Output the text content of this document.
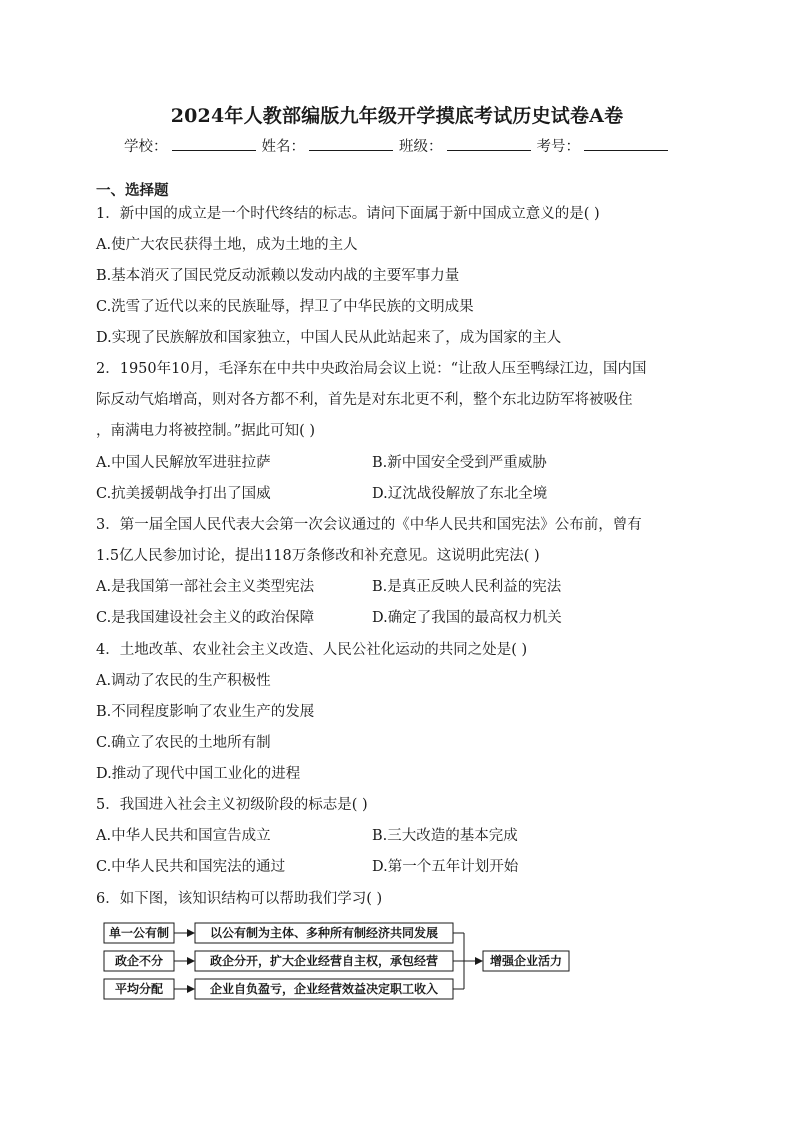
2024年人教部编版九年级开学摸底考试历史试卷A卷
学校：	姓名：	班级：	考号：
一、选择题
1．新中国的成立是一个时代终结的标志。请问下面属于新中国成立意义的是( )
A.使广大农民获得土地，成为土地的主人
B.基本消灭了国民党反动派赖以发动内战的主要军事力量
C.洗雪了近代以来的民族耻辱，捍卫了中华民族的文明成果
D.实现了民族解放和国家独立，中国人民从此站起来了，成为国家的主人
2．1950年10月，毛泽东在中共中央政治局会议上说：“让敌人压至鸭绿江边，国内国
际反动气焰增高，则对各方都不利，首先是对东北更不利，整个东北边防军将被吸住
，南满电力将被控制。”据此可知( )
A.中国人民解放军进驻拉萨	B.新中国安全受到严重威胁
C.抗美援朝战争打出了国威	D.辽沈战役解放了东北全境
3．第一届全国人民代表大会第一次会议通过的《中华人民共和国宪法》公布前，曾有
1.5亿人民参加讨论，提出118万条修改和补充意见。这说明此宪法( )
A.是我国第一部社会主义类型宪法	B.是真正反映人民利益的宪法
C.是我国建设社会主义的政治保障	D.确定了我国的最高权力机关
4．土地改革、农业社会主义改造、人民公社化运动的共同之处是( )
A.调动了农民的生产积极性
B.不同程度影响了农业生产的发展
C.确立了农民的土地所有制
D.推动了现代中国工业化的进程
5．我国进入社会主义初级阶段的标志是( )
A.中华人民共和国宣告成立	B.三大改造的基本完成
C.中华人民共和国宪法的通过	D.第一个五年计划开始
6．如下图，该知识结构可以帮助我们学习( )
单一公有制
政企不分
平均分配
以公有制为主体、多种所有制经济共同发展
政企分开，扩大企业经营自主权，承包经营
企业自负盈亏，企业经营效益决定职工收入
增强企业活力
